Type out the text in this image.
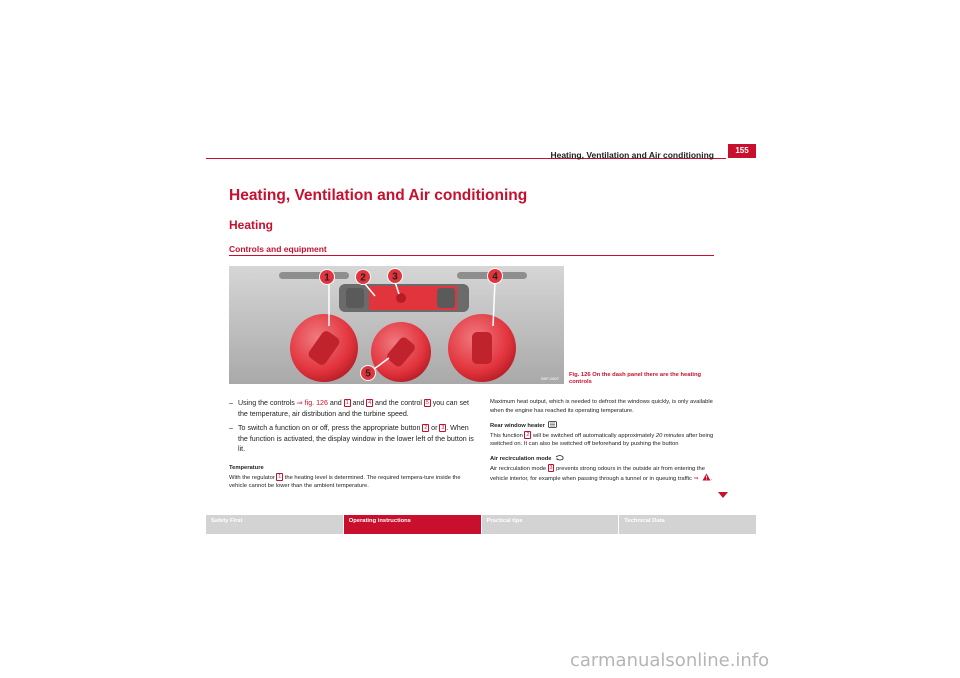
Heating, Ventilation and Air conditioning	155
Heating, Ventilation and Air conditioning
Heating
Controls and equipment
1	2	3	4
5	B5P-0607
Fig. 126 On the dash panel there are the heating controls
– Using the controls ⇒ fig. 126 and 1 and 4 and the control 5 you can set the temperature, air distribution and the turbine speed.
– To switch a function on or off, press the appropriate button 2 or 3 . When the function is activated, the display window in the lower left of the button is lit.
Temperature
With the regulator 1 the heating level is determined. The required tempera-ture inside the vehicle cannot be lower than the ambient temperature.

Maximum heat output, which is needed to defrost the windows quickly, is only available when the engine has reached its operating temperature.

Rear window heater

This function 2 will be switched off automatically approximately 20 minutes after being switched on. It can also be switched off beforehand by pushing the button

Air recirculation mode

Air recirculation mode 3 prevents strong odours in the outside air from entering the vehicle interior, for example when passing through a tunnel or in queuing traffic ⇒ .

Safety First	Operating instructions	Practical tips	Technical Data
carmanualsonline.info
